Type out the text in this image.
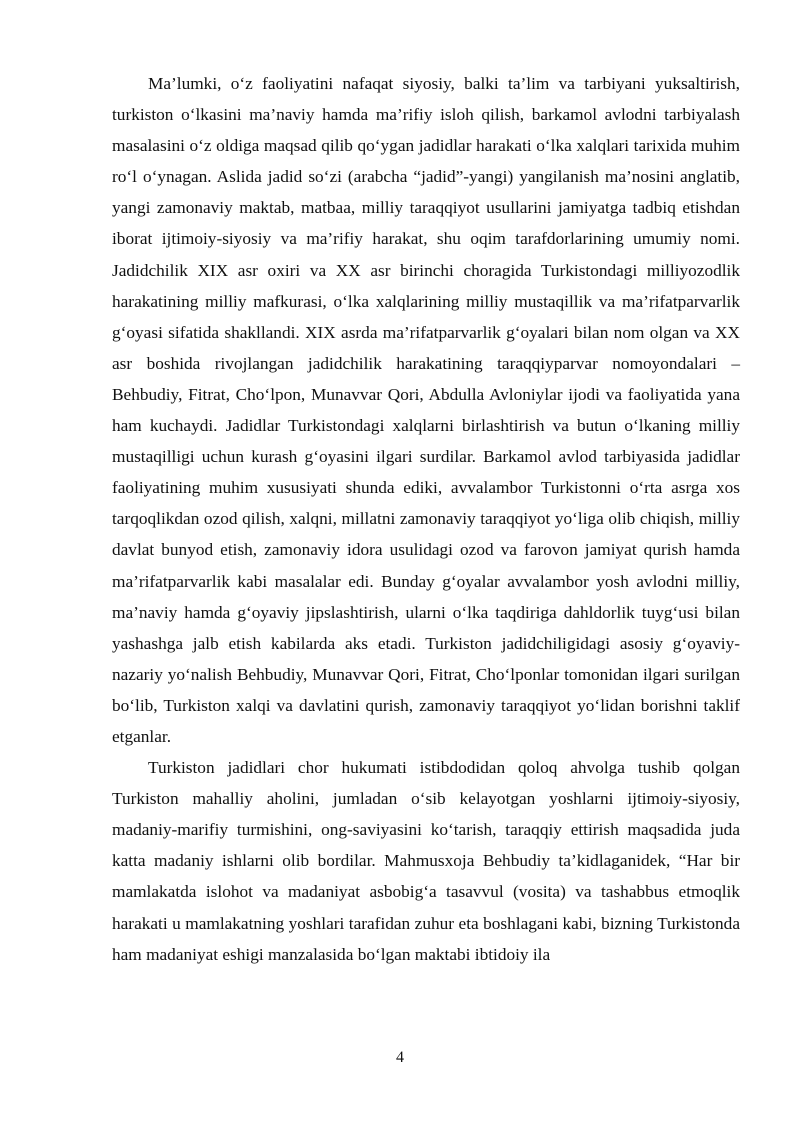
Ma’lumki, o‘z faoliyatini nafaqat siyosiy, balki ta’lim va tarbiyani yuksaltirish, turkiston o‘lkasini ma’naviy hamda ma’rifiy isloh qilish, barkamol avlodni tarbiyalash masalasini o‘z oldiga maqsad qilib qo‘ygan jadidlar harakati o‘lka xalqlari tarixida muhim ro‘l o‘ynagan. Aslida jadid so‘zi (arabcha “jadid”-yangi) yangilanish ma’nosini anglatib, yangi zamonaviy maktab, matbaa, milliy taraqqiyot usullarini jamiyatga tadbiq etishdan iborat ijtimoiy-siyosiy va ma’rifiy harakat, shu oqim tarafdorlarining umumiy nomi. Jadidchilik XIX asr oxiri va XX asr birinchi choragida Turkistondagi milliyozodlik harakatining milliy mafkurasi, o‘lka xalqlarining milliy mustaqillik va ma’rifatparvarlik g‘oyasi sifatida shakllandi. XIX asrda ma’rifatparvarlik g‘oyalari bilan nom olgan va XX asr boshida rivojlangan jadidchilik harakatining taraqqiyparvar nomoyondalari – Behbudiy, Fitrat, Cho‘lpon, Munavvar Qori, Abdulla Avloniylar ijodi va faoliyatida yana ham kuchaydi. Jadidlar Turkistondagi xalqlarni birlashtirish va butun o‘lkaning milliy mustaqilligi uchun kurash g‘oyasini ilgari surdilar. Barkamol avlod tarbiyasida jadidlar faoliyatining muhim xususiyati shunda ediki, avvalambor Turkistonni o‘rta asrga xos tarqoqlikdan ozod qilish, xalqni, millatni zamonaviy taraqqiyot yo‘liga olib chiqish, milliy davlat bunyod etish, zamonaviy idora usulidagi ozod va farovon jamiyat qurish hamda ma’rifatparvarlik kabi masalalar edi. Bunday g‘oyalar avvalambor yosh avlodni milliy, ma’naviy hamda g‘oyaviy jipslashtirish, ularni o‘lka taqdiriga dahldorlik tuyg‘usi bilan yashashga jalb etish kabilarda aks etadi. Turkiston jadidchiligidagi asosiy g‘oyaviy-nazariy yo‘nalish Behbudiy, Munavvar Qori, Fitrat, Cho‘lponlar tomonidan ilgari surilgan bo‘lib, Turkiston xalqi va davlatini qurish, zamonaviy taraqqiyot yo‘lidan borishni taklif etganlar.

Turkiston jadidlari chor hukumati istibdodidan qoloq ahvolga tushib qolgan Turkiston mahalliy aholini, jumladan o‘sib kelayotgan yoshlarni ijtimoiy-siyosiy, madaniy-marifiy turmishini, ong-saviyasini ko‘tarish, taraqqiy ettirish maqsadida juda katta madaniy ishlarni olib bordilar. Mahmusxoja Behbudiy ta’kidlaganidek, “Har bir mamlakatda islohot va madaniyat asbobig‘a tasavvul (vosita) va tashabbus etmoqlik harakati u mamlakatning yoshlari tarafidan zuhur eta boshlagani kabi, bizning Turkistonda ham madaniyat eshigi manzalasida bo‘lgan maktabi ibtidoiy ila

4
